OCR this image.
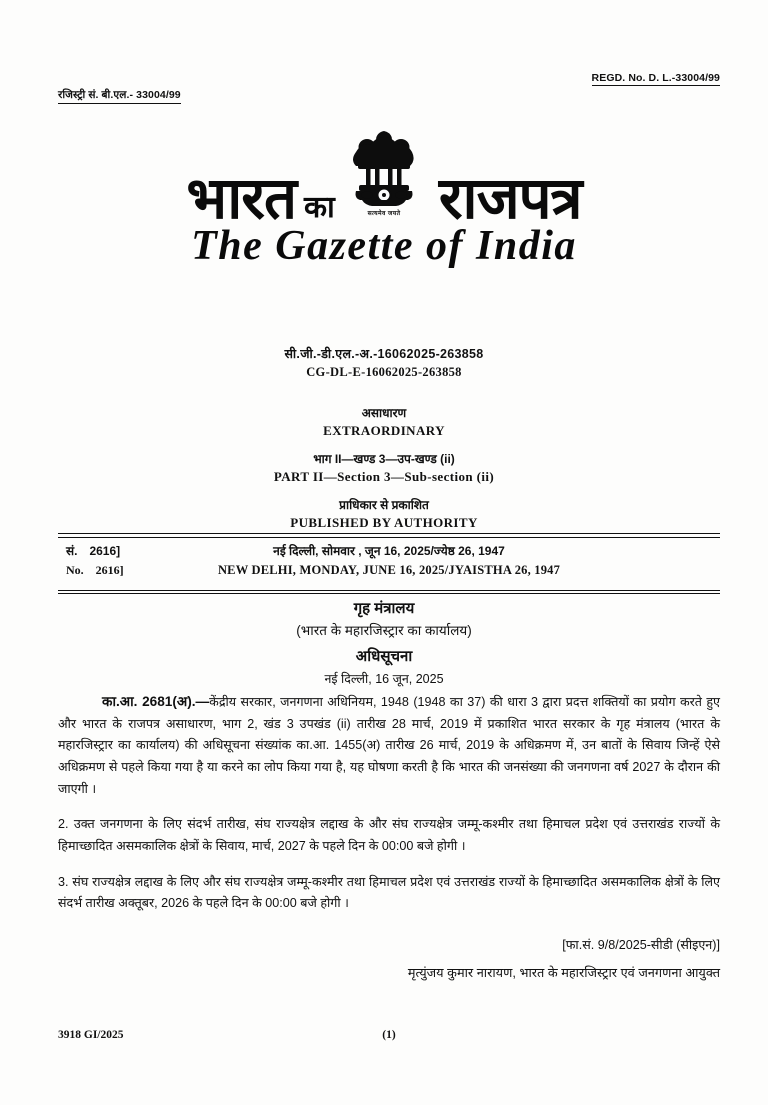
रजिस्ट्री सं. बी.एल.- 33004/99
REGD. No. D. L.-33004/99
सत्यमेव जयते
भारत का राजपत्र
The Gazette of India
सी.जी.-डी.एल.-अ.-16062025-263858
CG-DL-E-16062025-263858
असाधारण
EXTRAORDINARY
भाग II—खण्ड 3—उप-खण्ड (ii)
PART II—Section 3—Sub-section (ii)
प्राधिकार से प्रकाशित
PUBLISHED BY AUTHORITY
सं. 2616]
No. 2616]
नई दिल्ली, सोमवार , जून 16, 2025/ज्येष्ठ 26, 1947
NEW DELHI, MONDAY, JUNE 16, 2025/JYAISTHA 26, 1947
गृह मंत्रालय
(भारत के महारजिस्ट्रार का कार्यालय)
अधिसूचना
नई दिल्ली, 16 जून, 2025
का.आ. 2681(अ).—केंद्रीय सरकार, जनगणना अधिनियम, 1948 (1948 का 37) की धारा 3 द्वारा प्रदत्त शक्तियों का प्रयोग करते हुए और भारत के राजपत्र असाधारण, भाग 2, खंड 3 उपखंड (ii) तारीख 28 मार्च, 2019 में प्रकाशित भारत सरकार के गृह मंत्रालय (भारत के महारजिस्ट्रार का कार्यालय) की अधिसूचना संख्यांक का.आ. 1455(अ) तारीख 26 मार्च, 2019 के अधिक्रमण में, उन बातों के सिवाय जिन्हें ऐसे अधिक्रमण से पहले किया गया है या करने का लोप किया गया है, यह घोषणा करती है कि भारत की जनसंख्या की जनगणना वर्ष 2027 के दौरान की जाएगी ।
2. उक्त जनगणना के लिए संदर्भ तारीख, संघ राज्यक्षेत्र लद्दाख के और संघ राज्यक्षेत्र जम्मू-कश्मीर तथा हिमाचल प्रदेश एवं उत्तराखंड राज्यों के हिमाच्छादित असमकालिक क्षेत्रों के सिवाय, मार्च, 2027 के पहले दिन के 00:00 बजे होगी ।
3. संघ राज्यक्षेत्र लद्दाख के लिए और संघ राज्यक्षेत्र जम्मू-कश्मीर तथा हिमाचल प्रदेश एवं उत्तराखंड राज्यों के हिमाच्छादित असमकालिक क्षेत्रों के लिए संदर्भ तारीख अक्तूबर, 2026 के पहले दिन के 00:00 बजे होगी ।
[फा.सं. 9/8/2025-सीडी (सीइएन)]
मृत्युंजय कुमार नारायण, भारत के महारजिस्ट्रार एवं जनगणना आयुक्त
3918 GI/2025	(1)
